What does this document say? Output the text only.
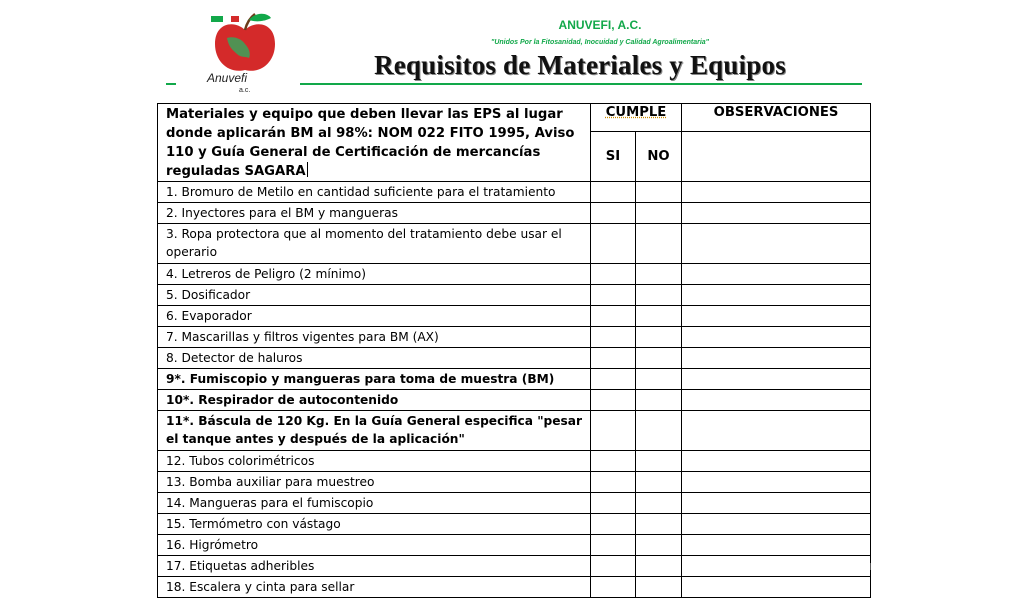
Anuvefi
a.c.
ANUVEFI, A.C.
"Unidos Por la Fitosanidad, Inocuidad y Calidad Agroalimentaria"
Requisitos de Materiales y Equipos
Materiales y equipo que deben llevar las EPS al lugar donde aplicarán BM al 98%: NOM 022 FITO 1995, Aviso 110 y Guía General de Certificación de mercancías reguladas SAGARA	CUMPLE		OBSERVACIONES
	SI	NO	
1. Bromuro de Metilo en cantidad suficiente para el tratamiento			
2. Inyectores para el BM y mangueras			
3. Ropa protectora que al momento del tratamiento debe usar el operario			
4. Letreros de Peligro (2 mínimo)			
5. Dosificador			
6. Evaporador			
7. Mascarillas y filtros vigentes para BM (AX)			
8. Detector de haluros			
9*. Fumiscopio y mangueras para toma de muestra (BM)			
10*. Respirador de autocontenido			
11*. Báscula de 120 Kg. En la Guía General especifica "pesar el tanque antes y después de la aplicación"			
12. Tubos colorimétricos			
13. Bomba auxiliar para muestreo			
14. Mangueras para el fumiscopio			
15. Termómetro con vástago			
16. Higrómetro			
17. Etiquetas adheribles			
18. Escalera y cinta para sellar			
